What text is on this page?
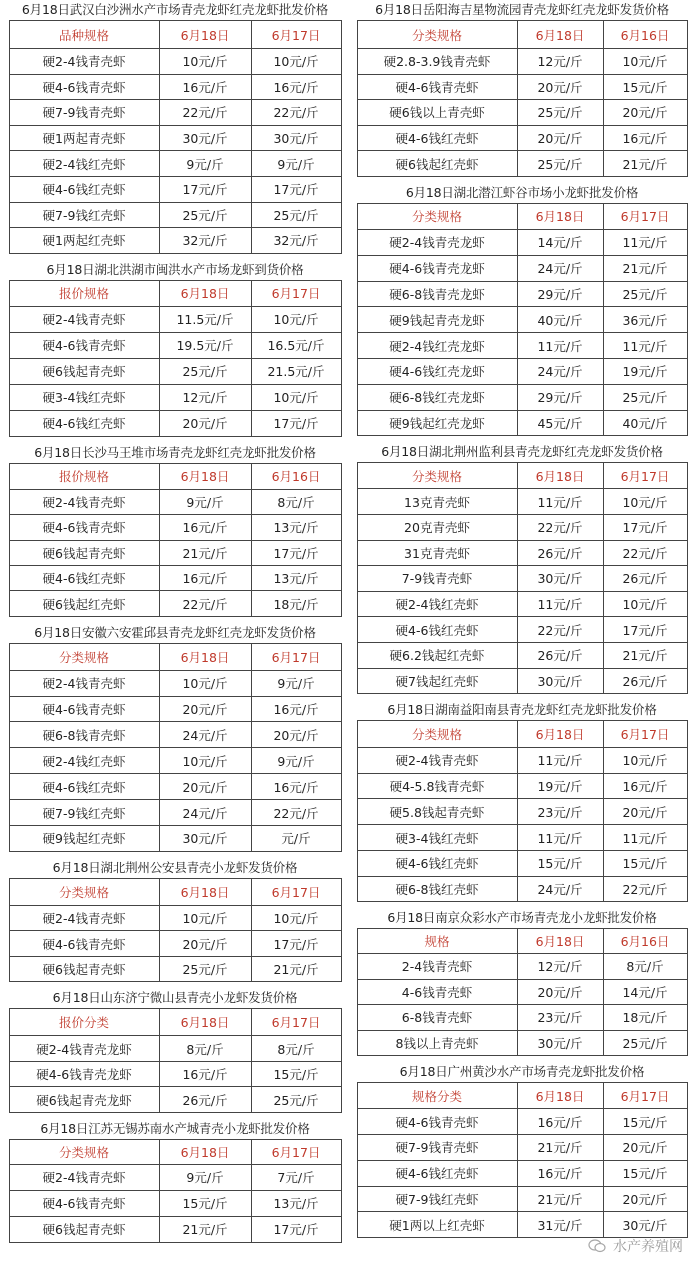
6月18日武汉白沙洲水产市场青壳龙虾红壳龙虾批发价格
品种规格	6月18日	6月17日
硬2-4钱青壳虾	10元/斤	10元/斤
硬4-6钱青壳虾	16元/斤	16元/斤
硬7-9钱青壳虾	22元/斤	22元/斤
硬1两起青壳虾	30元/斤	30元/斤
硬2-4钱红壳虾	9元/斤	9元/斤
硬4-6钱红壳虾	17元/斤	17元/斤
硬7-9钱红壳虾	25元/斤	25元/斤
硬1两起红壳虾	32元/斤	32元/斤
6月18日湖北洪湖市闽洪水产市场龙虾到货价格
报价规格	6月18日	6月17日
硬2-4钱青壳虾	11.5元/斤	10元/斤
硬4-6钱青壳虾	19.5元/斤	16.5元/斤
硬6钱起青壳虾	25元/斤	21.5元/斤
硬3-4钱红壳虾	12元/斤	10元/斤
硬4-6钱红壳虾	20元/斤	17元/斤
6月18日长沙马王堆市场青壳龙虾红壳龙虾批发价格
报价规格	6月18日	6月16日
硬2-4钱青壳虾	9元/斤	8元/斤
硬4-6钱青壳虾	16元/斤	13元/斤
硬6钱起青壳虾	21元/斤	17元/斤
硬4-6钱红壳虾	16元/斤	13元/斤
硬6钱起红壳虾	22元/斤	18元/斤
6月18日安徽六安霍邱县青壳龙虾红壳龙虾发货价格
分类规格	6月18日	6月17日
硬2-4钱青壳虾	10元/斤	9元/斤
硬4-6钱青壳虾	20元/斤	16元/斤
硬6-8钱青壳虾	24元/斤	20元/斤
硬2-4钱红壳虾	10元/斤	9元/斤
硬4-6钱红壳虾	20元/斤	16元/斤
硬7-9钱红壳虾	24元/斤	22元/斤
硬9钱起红壳虾	30元/斤	元/斤
6月18日湖北荆州公安县青壳小龙虾发货价格
分类规格	6月18日	6月17日
硬2-4钱青壳虾	10元/斤	10元/斤
硬4-6钱青壳虾	20元/斤	17元/斤
硬6钱起青壳虾	25元/斤	21元/斤
6月18日山东济宁微山县青壳小龙虾发货价格
报价分类	6月18日	6月17日
硬2-4钱青壳龙虾	8元/斤	8元/斤
硬4-6钱青壳龙虾	16元/斤	15元/斤
硬6钱起青壳龙虾	26元/斤	25元/斤
6月18日江苏无锡苏南水产城青壳小龙虾批发价格
分类规格	6月18日	6月17日
硬2-4钱青壳虾	9元/斤	7元/斤
硬4-6钱青壳虾	15元/斤	13元/斤
硬6钱起青壳虾	21元/斤	17元/斤
6月18日岳阳海吉星物流园青壳龙虾红壳龙虾发货价格
分类规格	6月18日	6月16日
硬2.8-3.9钱青壳虾	12元/斤	10元/斤
硬4-6钱青壳虾	20元/斤	15元/斤
硬6钱以上青壳虾	25元/斤	20元/斤
硬4-6钱红壳虾	20元/斤	16元/斤
硬6钱起红壳虾	25元/斤	21元/斤
6月18日湖北潜江虾谷市场小龙虾批发价格
分类规格	6月18日	6月17日
硬2-4钱青壳龙虾	14元/斤	11元/斤
硬4-6钱青壳龙虾	24元/斤	21元/斤
硬6-8钱青壳龙虾	29元/斤	25元/斤
硬9钱起青壳龙虾	40元/斤	36元/斤
硬2-4钱红壳龙虾	11元/斤	11元/斤
硬4-6钱红壳龙虾	24元/斤	19元/斤
硬6-8钱红壳龙虾	29元/斤	25元/斤
硬9钱起红壳龙虾	45元/斤	40元/斤
6月18日湖北荆州监利县青壳龙虾红壳龙虾发货价格
分类规格	6月18日	6月17日
13克青壳虾	11元/斤	10元/斤
20克青壳虾	22元/斤	17元/斤
31克青壳虾	26元/斤	22元/斤
7-9钱青壳虾	30元/斤	26元/斤
硬2-4钱红壳虾	11元/斤	10元/斤
硬4-6钱红壳虾	22元/斤	17元/斤
硬6.2钱起红壳虾	26元/斤	21元/斤
硬7钱起红壳虾	30元/斤	26元/斤
6月18日湖南益阳南县青壳龙虾红壳龙虾批发价格
分类规格	6月18日	6月17日
硬2-4钱青壳虾	11元/斤	10元/斤
硬4-5.8钱青壳虾	19元/斤	16元/斤
硬5.8钱起青壳虾	23元/斤	20元/斤
硬3-4钱红壳虾	11元/斤	11元/斤
硬4-6钱红壳虾	15元/斤	15元/斤
硬6-8钱红壳虾	24元/斤	22元/斤
6月18日南京众彩水产市场青壳龙小龙虾批发价格
规格	6月18日	6月16日
2-4钱青壳虾	12元/斤	8元/斤
4-6钱青壳虾	20元/斤	14元/斤
6-8钱青壳虾	23元/斤	18元/斤
8钱以上青壳虾	30元/斤	25元/斤
6月18日广州黄沙水产市场青壳龙虾批发价格
规格分类	6月18日	6月17日
硬4-6钱青壳虾	16元/斤	15元/斤
硬7-9钱青壳虾	21元/斤	20元/斤
硬4-6钱红壳虾	16元/斤	15元/斤
硬7-9钱红壳虾	21元/斤	20元/斤
硬1两以上红壳虾	31元/斤	30元/斤
水产养殖网
